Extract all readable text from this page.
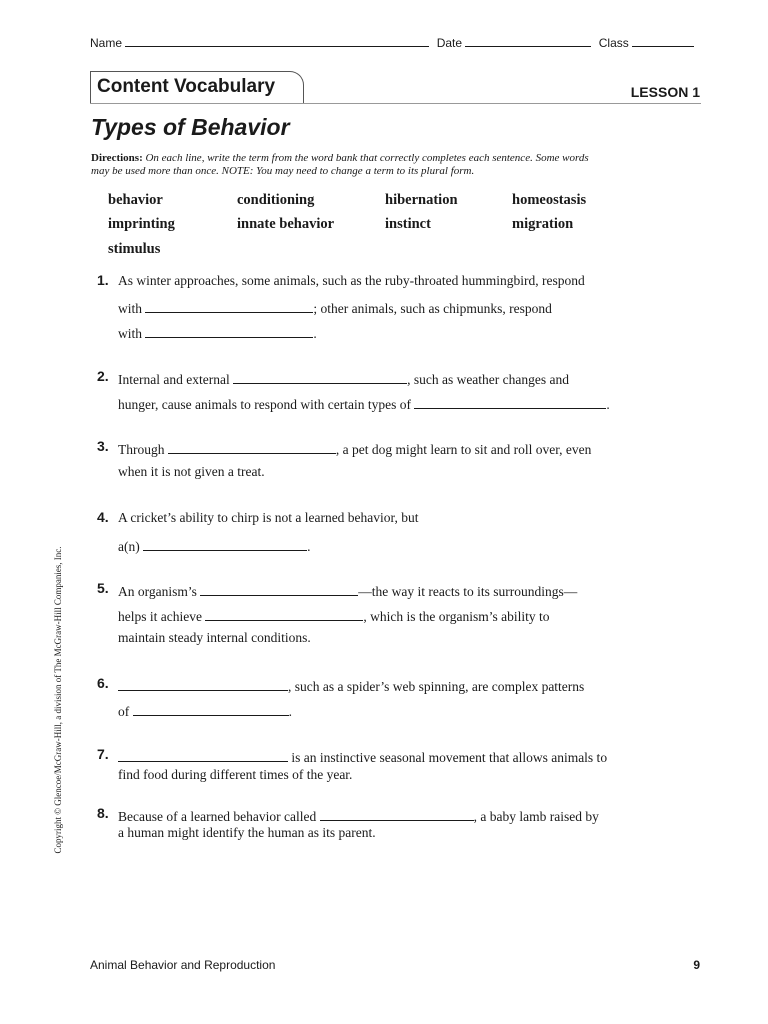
Name	Date	Class
Content Vocabulary	LESSON 1
Types of Behavior
Directions: On each line, write the term from the word bank that correctly completes each sentence. Some words
may be used more than once. NOTE: You may need to change a term to its plural form.
behavior	conditioning	hibernation	homeostasis
imprinting	innate behavior	instinct	migration
stimulus
1. As winter approaches, some animals, such as the ruby-throated hummingbird, respond
with	; other animals, such as chipmunks, respond
with	.
2. Internal and external	, such as weather changes and
hunger, cause animals to respond with certain types of	.
3. Through	, a pet dog might learn to sit and roll over, even
when it is not given a treat.
4. A cricket’s ability to chirp is not a learned behavior, but
a(n)	.
5. An organism’s	—the way it reacts to its surroundings—
helps it achieve	, which is the organism’s ability to
maintain steady internal conditions.
6.	, such as a spider’s web spinning, are complex patterns
of	.
7.	is an instinctive seasonal movement that allows animals to
find food during different times of the year.
8. Because of a learned behavior called	, a baby lamb raised by
a human might identify the human as its parent.
Copyright © Glencoe/McGraw-Hill, a division of The McGraw-Hill Companies, Inc.
Animal Behavior and Reproduction	9
